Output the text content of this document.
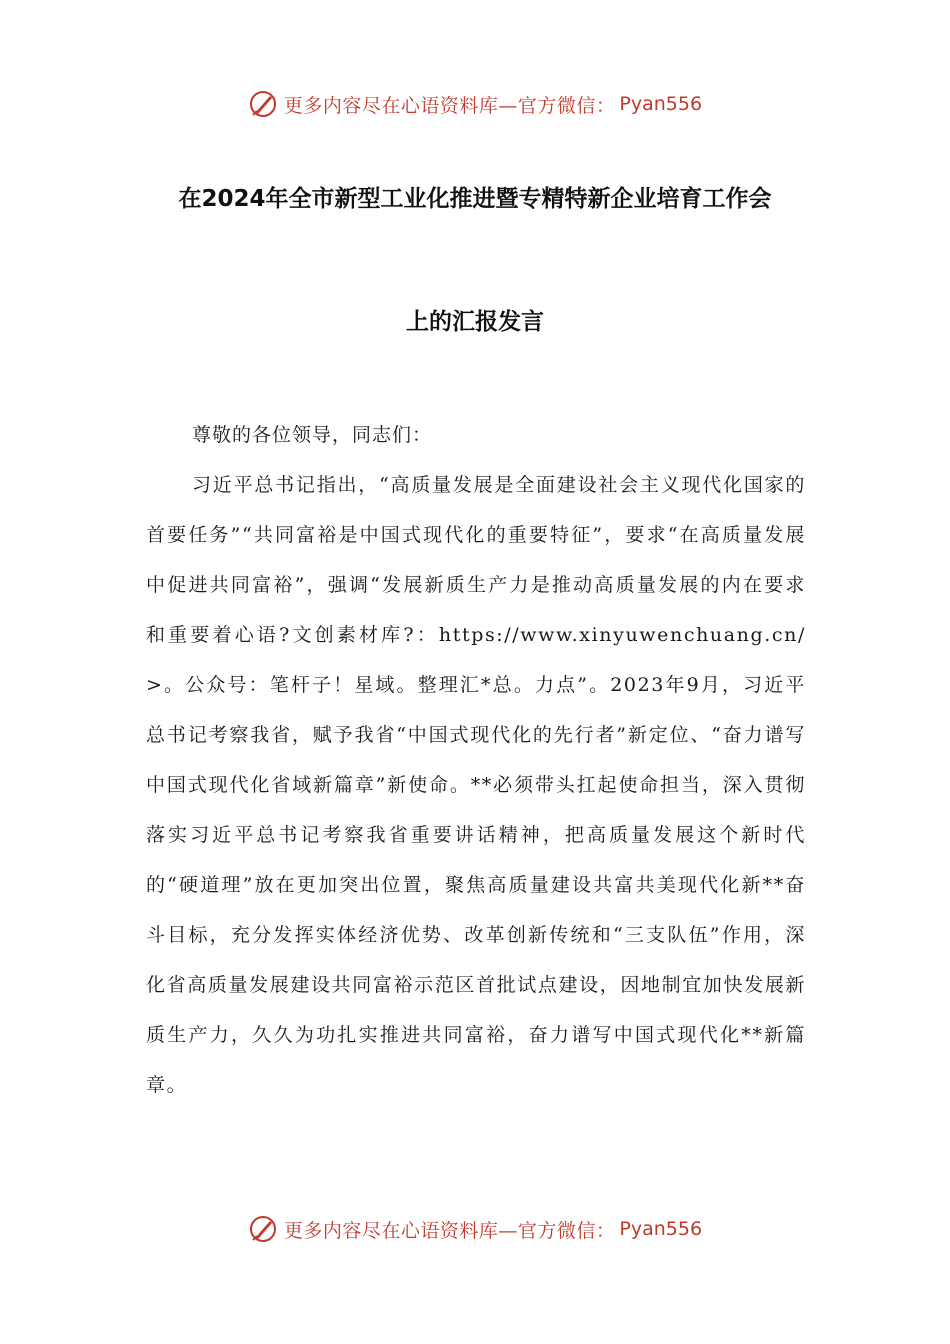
更多内容尽在心语资料库—官方微信： Pyan556
在2024年全市新型工业化推进暨专精特新企业培育工作会
上的汇报发言
尊敬的各位领导，同志们：
习近平总书记指出，“高质量发展是全面建设社会主义现代化国家的首要任务”“共同富裕是中国式现代化的重要特征”，要求“在高质量发展中促进共同富裕”，强调“发展新质生产力是推动高质量发展的内在要求和重要着心语?文创素材库?：https://www.xinyuwenchuang.cn/>。公众号：笔杆子！星域。整理汇*总。力点”。2023年9月，习近平总书记考察我省，赋予我省“中国式现代化的先行者”新定位、“奋力谱写中国式现代化省域新篇章”新使命。**必须带头扛起使命担当，深入贯彻落实习近平总书记考察我省重要讲话精神，把高质量发展这个新时代的“硬道理”放在更加突出位置，聚焦高质量建设共富共美现代化新**奋斗目标，充分发挥实体经济优势、改革创新传统和“三支队伍”作用，深化省高质量发展建设共同富裕示范区首批试点建设，因地制宜加快发展新质生产力，久久为功扎实推进共同富裕，奋力谱写中国式现代化**新篇章。
更多内容尽在心语资料库—官方微信： Pyan556
